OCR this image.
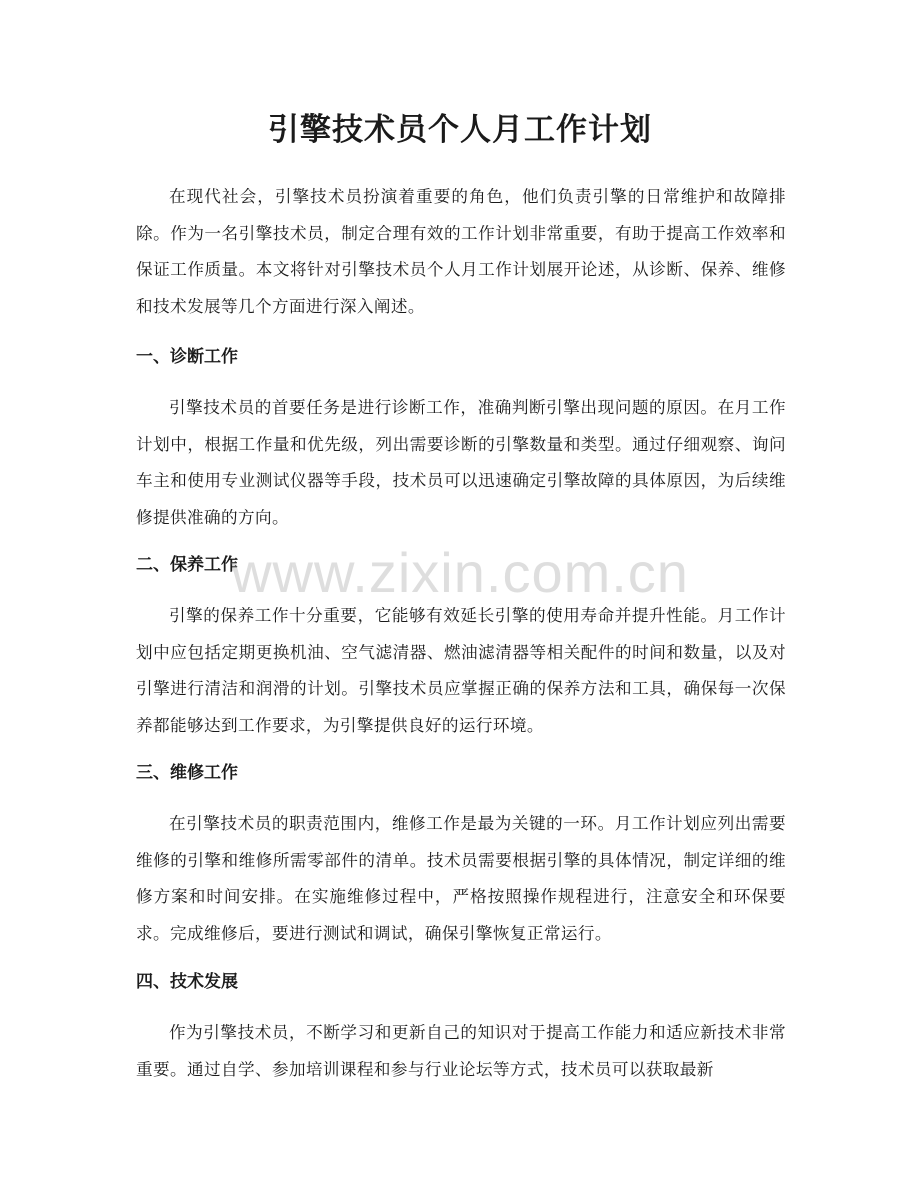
引擎技术员个人月工作计划

在现代社会，引擎技术员扮演着重要的角色，他们负责引擎的日常维护和故障排除。作为一名引擎技术员，制定合理有效的工作计划非常重要，有助于提高工作效率和保证工作质量。本文将针对引擎技术员个人月工作计划展开论述，从诊断、保养、维修和技术发展等几个方面进行深入阐述。

一、诊断工作

引擎技术员的首要任务是进行诊断工作，准确判断引擎出现问题的原因。在月工作计划中，根据工作量和优先级，列出需要诊断的引擎数量和类型。通过仔细观察、询问车主和使用专业测试仪器等手段，技术员可以迅速确定引擎故障的具体原因，为后续维修提供准确的方向。

二、保养工作

引擎的保养工作十分重要，它能够有效延长引擎的使用寿命并提升性能。月工作计划中应包括定期更换机油、空气滤清器、燃油滤清器等相关配件的时间和数量，以及对引擎进行清洁和润滑的计划。引擎技术员应掌握正确的保养方法和工具，确保每一次保养都能够达到工作要求，为引擎提供良好的运行环境。

三、维修工作

在引擎技术员的职责范围内，维修工作是最为关键的一环。月工作计划应列出需要维修的引擎和维修所需零部件的清单。技术员需要根据引擎的具体情况，制定详细的维修方案和时间安排。在实施维修过程中，严格按照操作规程进行，注意安全和环保要求。完成维修后，要进行测试和调试，确保引擎恢复正常运行。

四、技术发展

作为引擎技术员，不断学习和更新自己的知识对于提高工作能力和适应新技术非常重要。通过自学、参加培训课程和参与行业论坛等方式，技术员可以获取最新

www.zixin.com.cn
